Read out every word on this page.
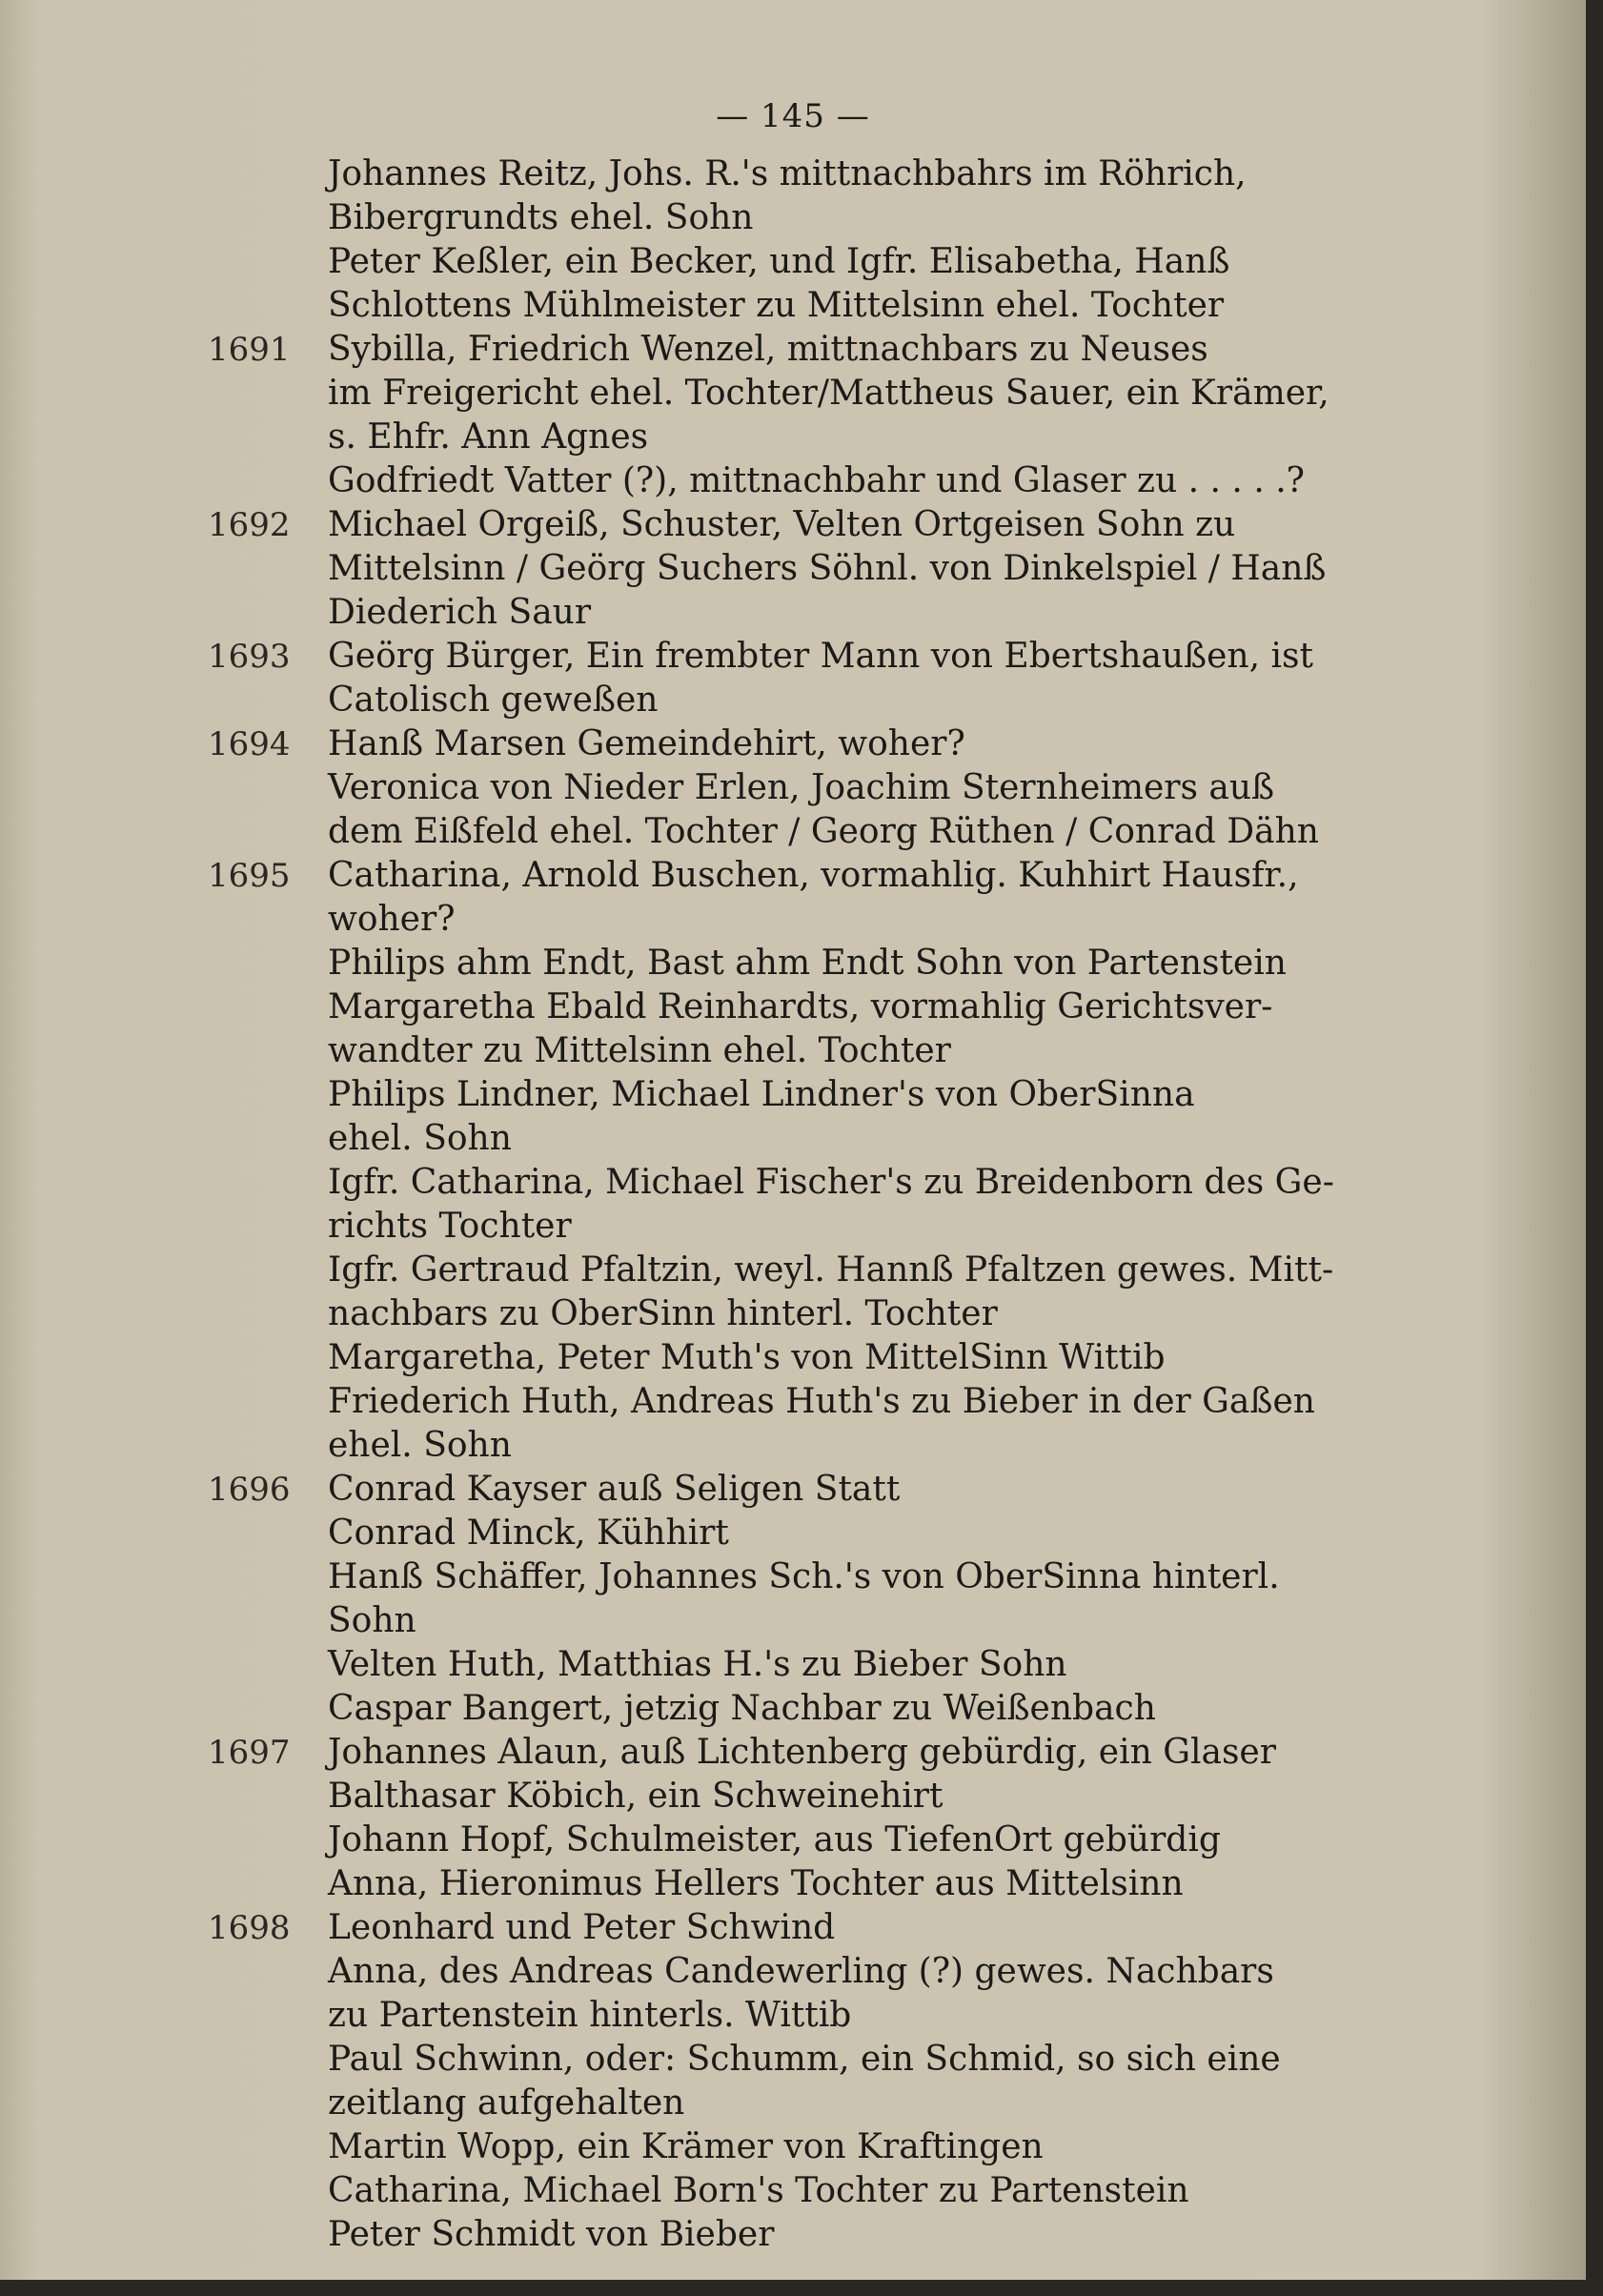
— 145 —
Johannes Reitz, Johs. R.'s mittnachbahrs im Röhrich,
Bibergrundts ehel. Sohn
Peter Keßler, ein Becker, und Igfr. Elisabetha, Hanß
Schlottens Mühlmeister zu Mittelsinn ehel. Tochter
1691	Sybilla, Friedrich Wenzel, mittnachbars zu Neuses
im Freigericht ehel. Tochter/Mattheus Sauer, ein Krämer,
s. Ehfr. Ann Agnes
Godfriedt Vatter (?), mittnachbahr und Glaser zu . . . . .?
1692	Michael Orgeiß, Schuster, Velten Ortgeisen Sohn zu
Mittelsinn / Geörg Suchers Söhnl. von Dinkelspiel / Hanß
Diederich Saur
1693	Geörg Bürger, Ein frembter Mann von Ebertshaußen, ist
Catolisch geweßen
1694	Hanß Marsen Gemeindehirt, woher?
Veronica von Nieder Erlen, Joachim Sternheimers auß
dem Eißfeld ehel. Tochter / Georg Rüthen / Conrad Dähn
1695	Catharina, Arnold Buschen, vormahlig. Kuhhirt Hausfr.,
woher?
Philips ahm Endt, Bast ahm Endt Sohn von Partenstein
Margaretha Ebald Reinhardts, vormahlig Gerichtsver-
wandter zu Mittelsinn ehel. Tochter
Philips Lindner, Michael Lindner's von OberSinna
ehel. Sohn
Igfr. Catharina, Michael Fischer's zu Breidenborn des Ge-
richts Tochter
Igfr. Gertraud Pfaltzin, weyl. Hannß Pfaltzen gewes. Mitt-
nachbars zu OberSinn hinterl. Tochter
Margaretha, Peter Muth's von MittelSinn Wittib
Friederich Huth, Andreas Huth's zu Bieber in der Gaßen
ehel. Sohn
1696	Conrad Kayser auß Seligen Statt
Conrad Minck, Kühhirt
Hanß Schäffer, Johannes Sch.'s von OberSinna hinterl.
Sohn
Velten Huth, Matthias H.'s zu Bieber Sohn
Caspar Bangert, jetzig Nachbar zu Weißenbach
1697	Johannes Alaun, auß Lichtenberg gebürdig, ein Glaser
Balthasar Köbich, ein Schweinehirt
Johann Hopf, Schulmeister, aus TiefenOrt gebürdig
Anna, Hieronimus Hellers Tochter aus Mittelsinn
1698	Leonhard und Peter Schwind
Anna, des Andreas Candewerling (?) gewes. Nachbars
zu Partenstein hinterls. Wittib
Paul Schwinn, oder: Schumm, ein Schmid, so sich eine
zeitlang aufgehalten
Martin Wopp, ein Krämer von Kraftingen
Catharina, Michael Born's Tochter zu Partenstein
Peter Schmidt von Bieber
